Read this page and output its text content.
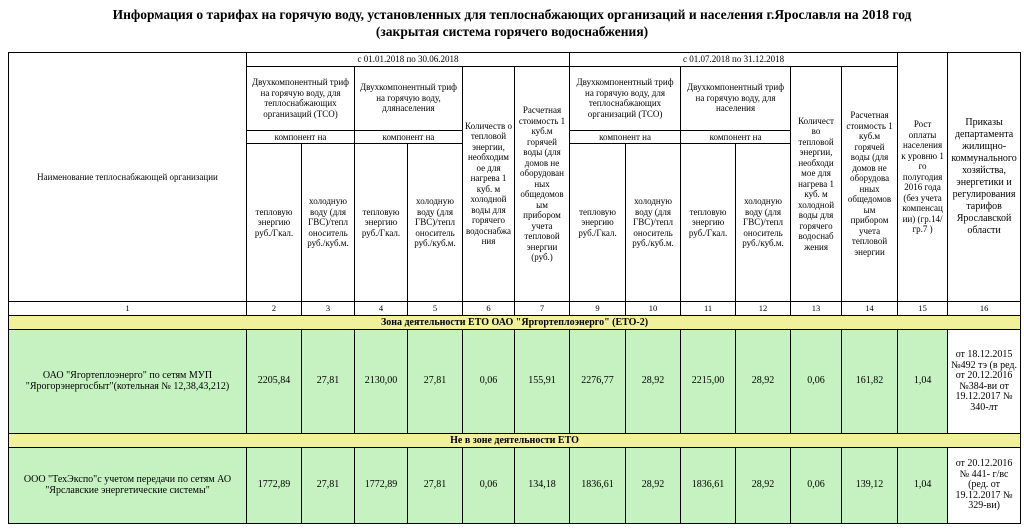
Информация о тарифах на горячую воду, установленных для теплоснабжающих организаций и населения г.Ярославля на 2018 год
(закрытая система горячего водоснабжения)
Наименование теплоснабжающей организации	с 01.01.2018 по 30.06.2018						с 01.07.2018 по 31.12.2018						Рост оплаты населения к уровню 1 го полугодия 2016 года (без учета компенсац ии) (гр.14/гр.7 )	Приказы департамента жилищно-коммунального хозяйства, энергетики и регулирования тарифов Ярославской области
	Двухкомпонентный триф на горячую воду, для теплоснабжающих организаций (ТСО)		Двухкомпонентный триф на горячую воду, длянаселения		Количеств о тепловой энергии, необходим ое для нагрева 1 куб. м холодной воды для горячего водоснабжа ния	Расчетная стоимость 1 куб.м горячей воды (для домов не оборудован ных общедомов ым прибором учета тепловой энергии (руб.)	Двухкомпонентный триф на горячую воду, для теплоснабжающих организаций (ТСО)		Двухкомпонентный триф на горячую воду, для населения		Количест во тепловой энергии, необходи мое для нагрева 1 куб. м холодной воды для горячего водоснаб жения	Расчетная стоимость 1 куб.м горячей воды (для домов не оборудова нных общедомов ым прибором учета тепловой энергии		
	компонент на		компонент на				компонент на		компонент на					
	тепловую энергию руб./Гкал.	холодную воду (для ГВС)/тепл оноситель руб./куб.м.	тепловую энергию руб./Гкал.	холодную воду (для ГВС)/тепл оноситель руб./куб.м.			тепловую энергию руб./Гкал.	холодную воду (для ГВС)/тепл оноситель руб./куб.м.	тепловую энергию руб./Гкал.	холодную воду (для ГВС)/тепл оноситель руб./куб.м.				
1	2	3	4	5	6	7	9	10	11	12	13	14	15	16
Зона деятельности ЕТО ОАО "Яргортеплоэнерго" (ЕТО-2)														
ОАО "Ягортеплоэнерго" по сетям МУП "Ярогорэнергосбыт"(котельная № 12,38,43,212)	2205,84	27,81	2130,00	27,81	0,06	155,91	2276,77	28,92	2215,00	28,92	0,06	161,82	1,04	от 18.12.2015 №492 тэ (в ред. от 20.12.2016 №384-ви от 19.12.2017 № 340-лт
Не в зоне деятельности ЕТО														
ООО "ТехЭкспо"с учетом передачи по сетям АО "Ярславские энергетические системы"	1772,89	27,81	1772,89	27,81	0,06	134,18	1836,61	28,92	1836,61	28,92	0,06	139,12	1,04	от 20.12.2016 № 441- г/вс (ред. от 19.12.2017 № 329-ви)
